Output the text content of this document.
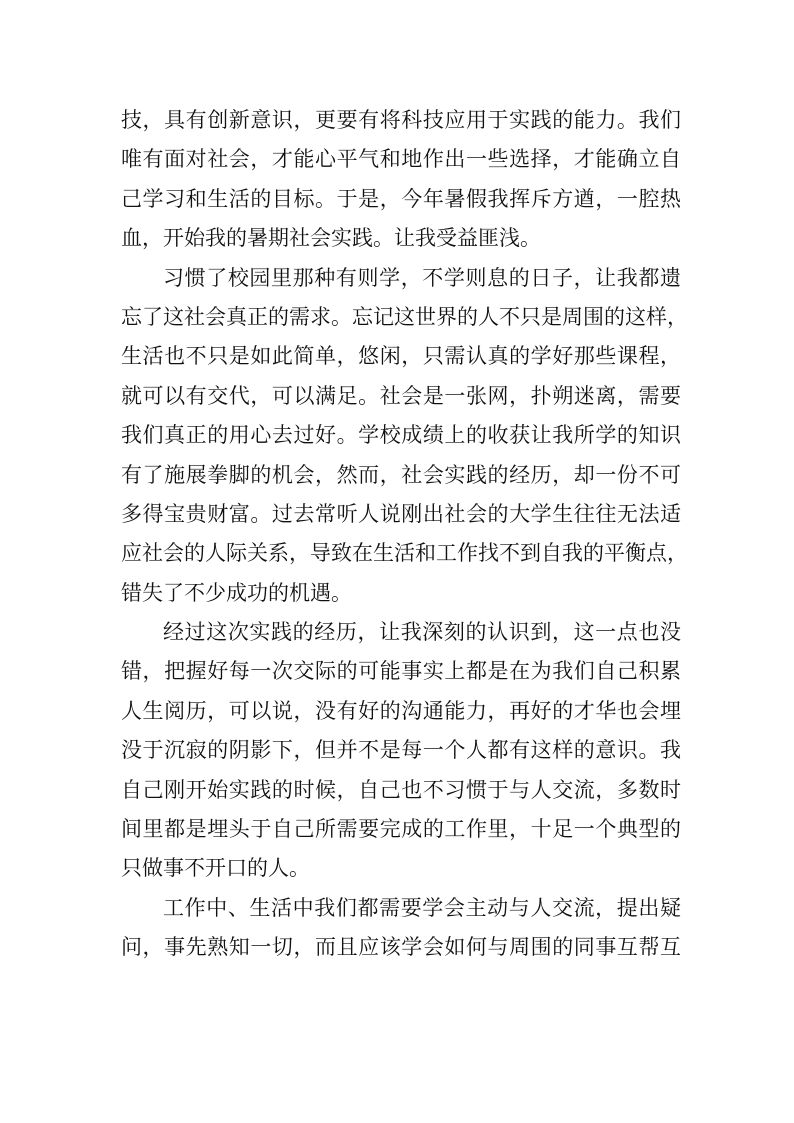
技，具有创新意识，更要有将科技应用于实践的能力。我们
唯有面对社会，才能心平气和地作出一些选择，才能确立自
己学习和生活的目标。于是，今年暑假我挥斥方遒，一腔热
血，开始我的暑期社会实践。让我受益匪浅。
习惯了校园里那种有则学，不学则息的日子，让我都遗
忘了这社会真正的需求。忘记这世界的人不只是周围的这样，
生活也不只是如此简单，悠闲，只需认真的学好那些课程，
就可以有交代，可以满足。社会是一张网，扑朔迷离，需要
我们真正的用心去过好。学校成绩上的收获让我所学的知识
有了施展拳脚的机会，然而，社会实践的经历，却一份不可
多得宝贵财富。过去常听人说刚出社会的大学生往往无法适
应社会的人际关系，导致在生活和工作找不到自我的平衡点，
错失了不少成功的机遇。
经过这次实践的经历，让我深刻的认识到，这一点也没
错，把握好每一次交际的可能事实上都是在为我们自己积累
人生阅历，可以说，没有好的沟通能力，再好的才华也会埋
没于沉寂的阴影下，但并不是每一个人都有这样的意识。我
自己刚开始实践的时候，自己也不习惯于与人交流，多数时
间里都是埋头于自己所需要完成的工作里，十足一个典型的
只做事不开口的人。
工作中、生活中我们都需要学会主动与人交流，提出疑
问，事先熟知一切，而且应该学会如何与周围的同事互帮互
